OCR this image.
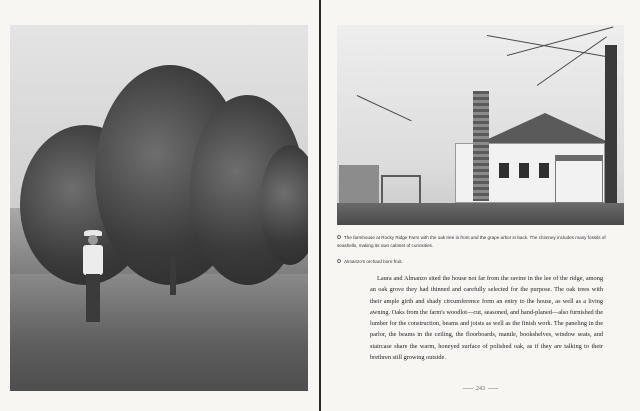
The farmhouse at Rocky Ridge Farm with the oak tree in front and the grape arbor in back. The chimney includes many fossils of seashells, making its own cabinet of curiosities.
Almanzo's orchard bore fruit.

Laura and Almanzo sited the house not far from the ravine in the lee of the ridge, among an oak grove they had thinned and carefully selected for the purpose. The oak trees with their ample girth and shady circumference form an entry to the house, as well as a living awning. Oaks from the farm's woodlot—cut, seasoned, and hand-planed—also furnished the lumber for the construction, beams and joists as well as the finish work. The paneling in the parlor, the beams in the ceiling, the floorboards, mantle, bookshelves, window seats, and staircase share the warm, honeyed surface of polished oak, as if they are talking to their brethren still growing outside.

243
